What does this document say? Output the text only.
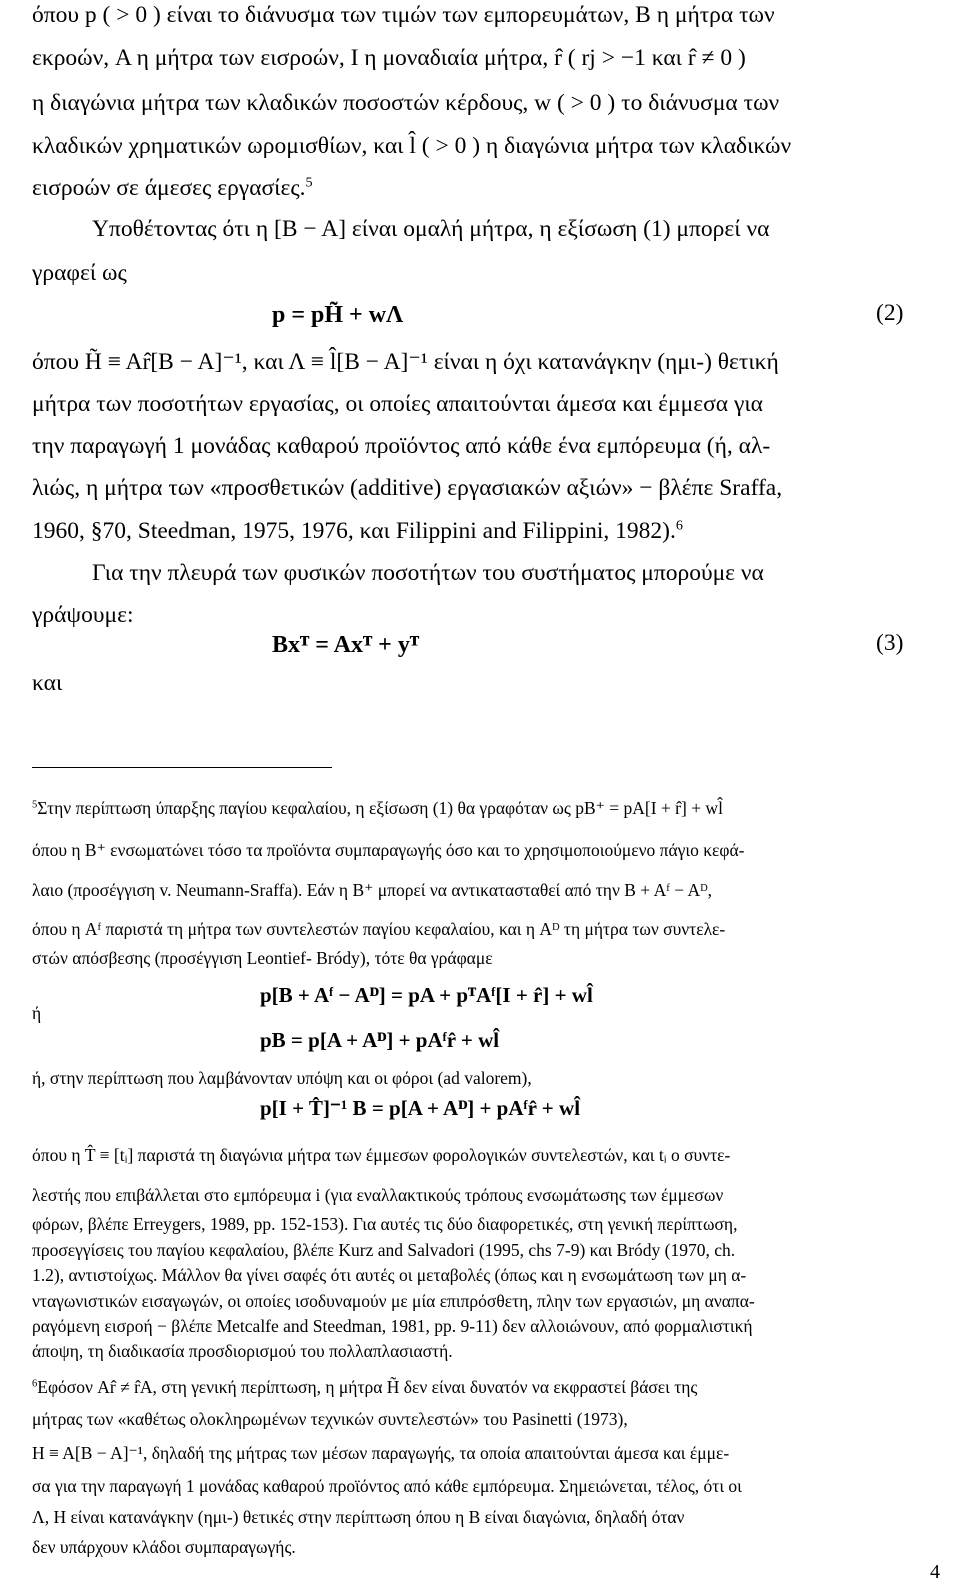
όπου p ( > 0 ) είναι το διάνυσμα των τιμών των εμπορευμάτων, B η μήτρα των
εκροών, A η μήτρα των εισροών, I η μοναδιαία μήτρα, r̂ ( rj > −1 και r̂ ≠ 0 )
η διαγώνια μήτρα των κλαδικών ποσοστών κέρδους, w ( > 0 ) το διάνυσμα των
κλαδικών χρηματικών ωρομισθίων, και l̂ ( > 0 ) η διαγώνια μήτρα των κλαδικών
εισροών σε άμεσες εργασίες.$^5$
Υποθέτοντας ότι η [B − A] είναι ομαλή μήτρα, η εξίσωση (1) μπορεί να
γραφεί ως
p = pH̃ + wΛ	(2)
όπου H̃ ≡ Ar̂[B − A]⁻¹, και Λ ≡ l̂[B − A]⁻¹ είναι η όχι κατανάγκην (ημι-) θετική
μήτρα των ποσοτήτων εργασίας, οι οποίες απαιτούνται άμεσα και έμμεσα για
την παραγωγή 1 μονάδας καθαρού προϊόντος από κάθε ένα εμπόρευμα (ή, αλ-
λιώς, η μήτρα των «προσθετικών (additive) εργασιακών αξιών» − βλέπε Sraffa,
1960, §70, Steedman, 1975, 1976, και Filippini and Filippini, 1982).$^6$
Για την πλευρά των φυσικών ποσοτήτων του συστήματος μπορούμε να
γράψουμε:
Bxᵀ = Axᵀ + yᵀ	(3)
και
$^5$Στην περίπτωση ύπαρξης παγίου κεφαλαίου, η εξίσωση (1) θα γραφόταν ως pB⁺ = pA[I + r̂] + wl̂
όπου η B⁺ ενσωματώνει τόσο τα προϊόντα συμπαραγωγής όσο και το χρησιμοποιούμενο πάγιο κεφά-
λαιο (προσέγγιση v. Neumann-Sraffa). Εάν η B⁺ μπορεί να αντικατασταθεί από την B + Aᶠ − Aᴰ,
όπου η Aᶠ παριστά τη μήτρα των συντελεστών παγίου κεφαλαίου, και η Aᴰ τη μήτρα των συντελε-
στών απόσβεσης (προσέγγιση Leontief- Bródy), τότε θα γράφαμε
p[B + Aᶠ − Aᴰ] = pA + pᵀAᶠ[I + r̂] + wl̂
ή
pB = p[A + Aᴰ] + pAᶠr̂ + wl̂
ή, στην περίπτωση που λαμβάνονταν υπόψη και οι φόροι (ad valorem),
p[I + T̂]⁻¹ B = p[A + Aᴰ] + pAᶠr̂ + wl̂
όπου η T̂ ≡ [tᵢ] παριστά τη διαγώνια μήτρα των έμμεσων φορολογικών συντελεστών, και tᵢ ο συντε-
λεστής που επιβάλλεται στο εμπόρευμα i (για εναλλακτικούς τρόπους ενσωμάτωσης των έμμεσων
φόρων, βλέπε Erreygers, 1989, pp. 152-153). Για αυτές τις δύο διαφορετικές, στη γενική περίπτωση,
προσεγγίσεις του παγίου κεφαλαίου, βλέπε Kurz and Salvadori (1995, chs 7-9) και Bródy (1970, ch.
1.2), αντιστοίχως. Μάλλον θα γίνει σαφές ότι αυτές οι μεταβολές (όπως και η ενσωμάτωση των μη α-
νταγωνιστικών εισαγωγών, οι οποίες ισοδυναμούν με μία επιπρόσθετη, πλην των εργασιών, μη αναπα-
ραγόμενη εισροή − βλέπε Metcalfe and Steedman, 1981, pp. 9-11) δεν αλλοιώνουν, από φορμαλιστική
άποψη, τη διαδικασία προσδιορισμού του πολλαπλασιαστή.
$^6$Εφόσον Ar̂ ≠ r̂A, στη γενική περίπτωση, η μήτρα H̃ δεν είναι δυνατόν να εκφραστεί βάσει της
μήτρας των «καθέτως ολοκληρωμένων τεχνικών συντελεστών» του Pasinetti (1973),
H ≡ A[B − A]⁻¹, δηλαδή της μήτρας των μέσων παραγωγής, τα οποία απαιτούνται άμεσα και έμμε-
σα για την παραγωγή 1 μονάδας καθαρού προϊόντος από κάθε εμπόρευμα. Σημειώνεται, τέλος, ότι οι
Λ, H είναι κατανάγκην (ημι-) θετικές στην περίπτωση όπου η B είναι διαγώνια, δηλαδή όταν
δεν υπάρχουν κλάδοι συμπαραγωγής.
4
